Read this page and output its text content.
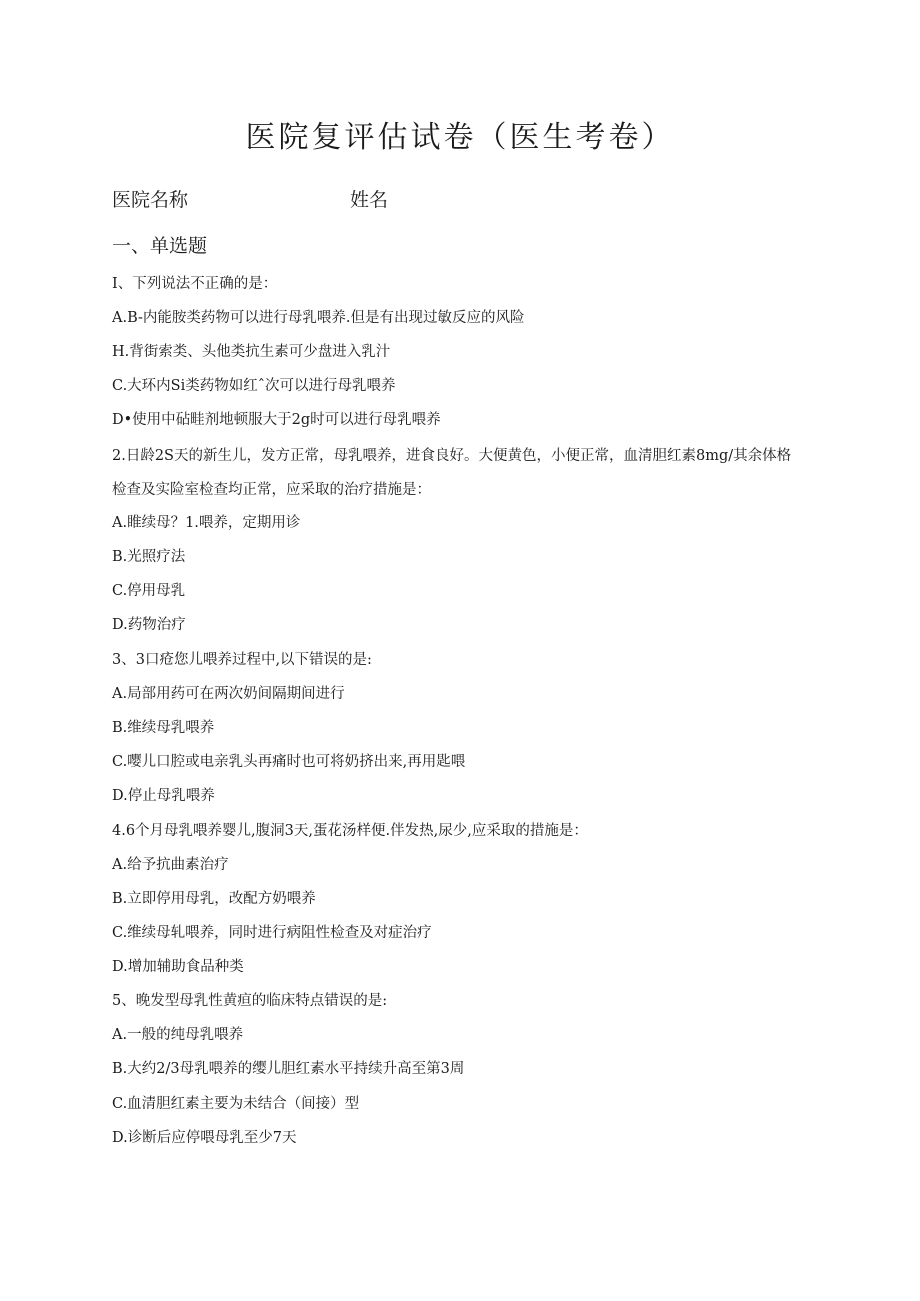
医院复评估试卷（医生考卷）
医院名称	姓名
一、单选题
I、下列说法不正确的是：
A.B-内能胺类药物可以进行母乳喂养.但是有出现过敏反应的风险
H.背街索类、头他类抗生素可少盘进入乳汁
C.大环内Si类药物如红ˆ次可以进行母乳喂养
D•使用中砧畦剂地顿服大于2g时可以进行母乳喂养
2.日龄2S天的新生儿，发方正常，母乳喂养，进食良好。大便黄色，小便正常，血清胆红素8mg/其余体格
检查及实险室检查均正常，应采取的治疗措施是：
A.睢续母？1.喂养，定期用诊
B.光照疗法
C.停用母乳
D.药物治疗
3、3口疮您儿喂养过程中,以下错误的是:
A.局部用药可在两次奶间隔期间进行
B.维续母乳喂养
C.嘤儿口腔或电亲乳头再痛时也可将奶挤出来,再用匙喂
D.停止母乳喂养
4.6个月母乳喂养婴儿,腹洞3天,蛋花汤样便.伴发热,尿少,应采取的措施是：
A.给予抗曲素治疗
B.立即停用母乳，改配方奶喂养
C.维续母轧喂养，同时进行病阻性检查及对症治疗
D.增加辅助食品种类
5、晚发型母乳性黄疸的临床特点错误的是:
A.一般的纯母乳喂养
B.大约2/3母乳喂养的缨儿胆红素水平持续升高至第3周
C.血清胆红素主要为未结合（间接）型
D.诊断后应停喂母乳至少7天
